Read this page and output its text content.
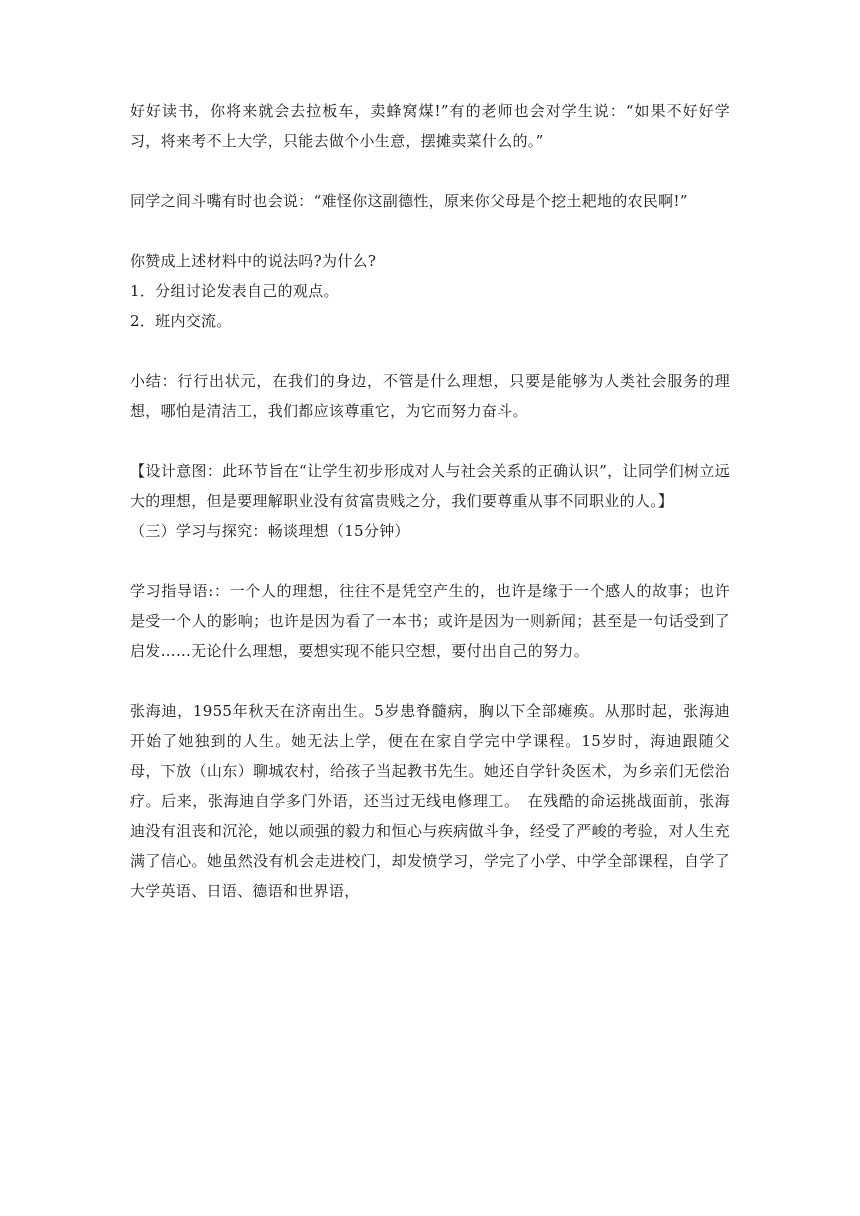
好好读书，你将来就会去拉板车，卖蜂窝煤!”有的老师也会对学生说：“如果不好好学习，将来考不上大学，只能去做个小生意，摆摊卖菜什么的。”

同学之间斗嘴有时也会说：“难怪你这副德性，原来你父母是个挖土耙地的农民啊!”

你赞成上述材料中的说法吗?为什么?

1．分组讨论发表自己的观点。

2．班内交流。

小结：行行出状元，在我们的身边，不管是什么理想，只要是能够为人类社会服务的理想，哪怕是清洁工，我们都应该尊重它，为它而努力奋斗。

【设计意图：此环节旨在“让学生初步形成对人与社会关系的正确认识”，让同学们树立远大的理想，但是要理解职业没有贫富贵贱之分，我们要尊重从事不同职业的人。】

（三）学习与探究：畅谈理想（15分钟）

学习指导语:：一个人的理想，往往不是凭空产生的，也许是缘于一个感人的故事；也许是受一个人的影响；也许是因为看了一本书；或许是因为一则新闻；甚至是一句话受到了启发……无论什么理想，要想实现不能只空想，要付出自己的努力。

张海迪，1955年秋天在济南出生。5岁患脊髓病，胸以下全部瘫痪。从那时起，张海迪开始了她独到的人生。她无法上学，便在在家自学完中学课程。15岁时，海迪跟随父母，下放（山东）聊城农村，给孩子当起教书先生。她还自学针灸医术，为乡亲们无偿治疗。后来，张海迪自学多门外语，还当过无线电修理工。　在残酷的命运挑战面前，张海迪没有沮丧和沉沦，她以顽强的毅力和恒心与疾病做斗争，经受了严峻的考验，对人生充满了信心。她虽然没有机会走进校门，却发愤学习，学完了小学、中学全部课程，自学了大学英语、日语、德语和世界语，
